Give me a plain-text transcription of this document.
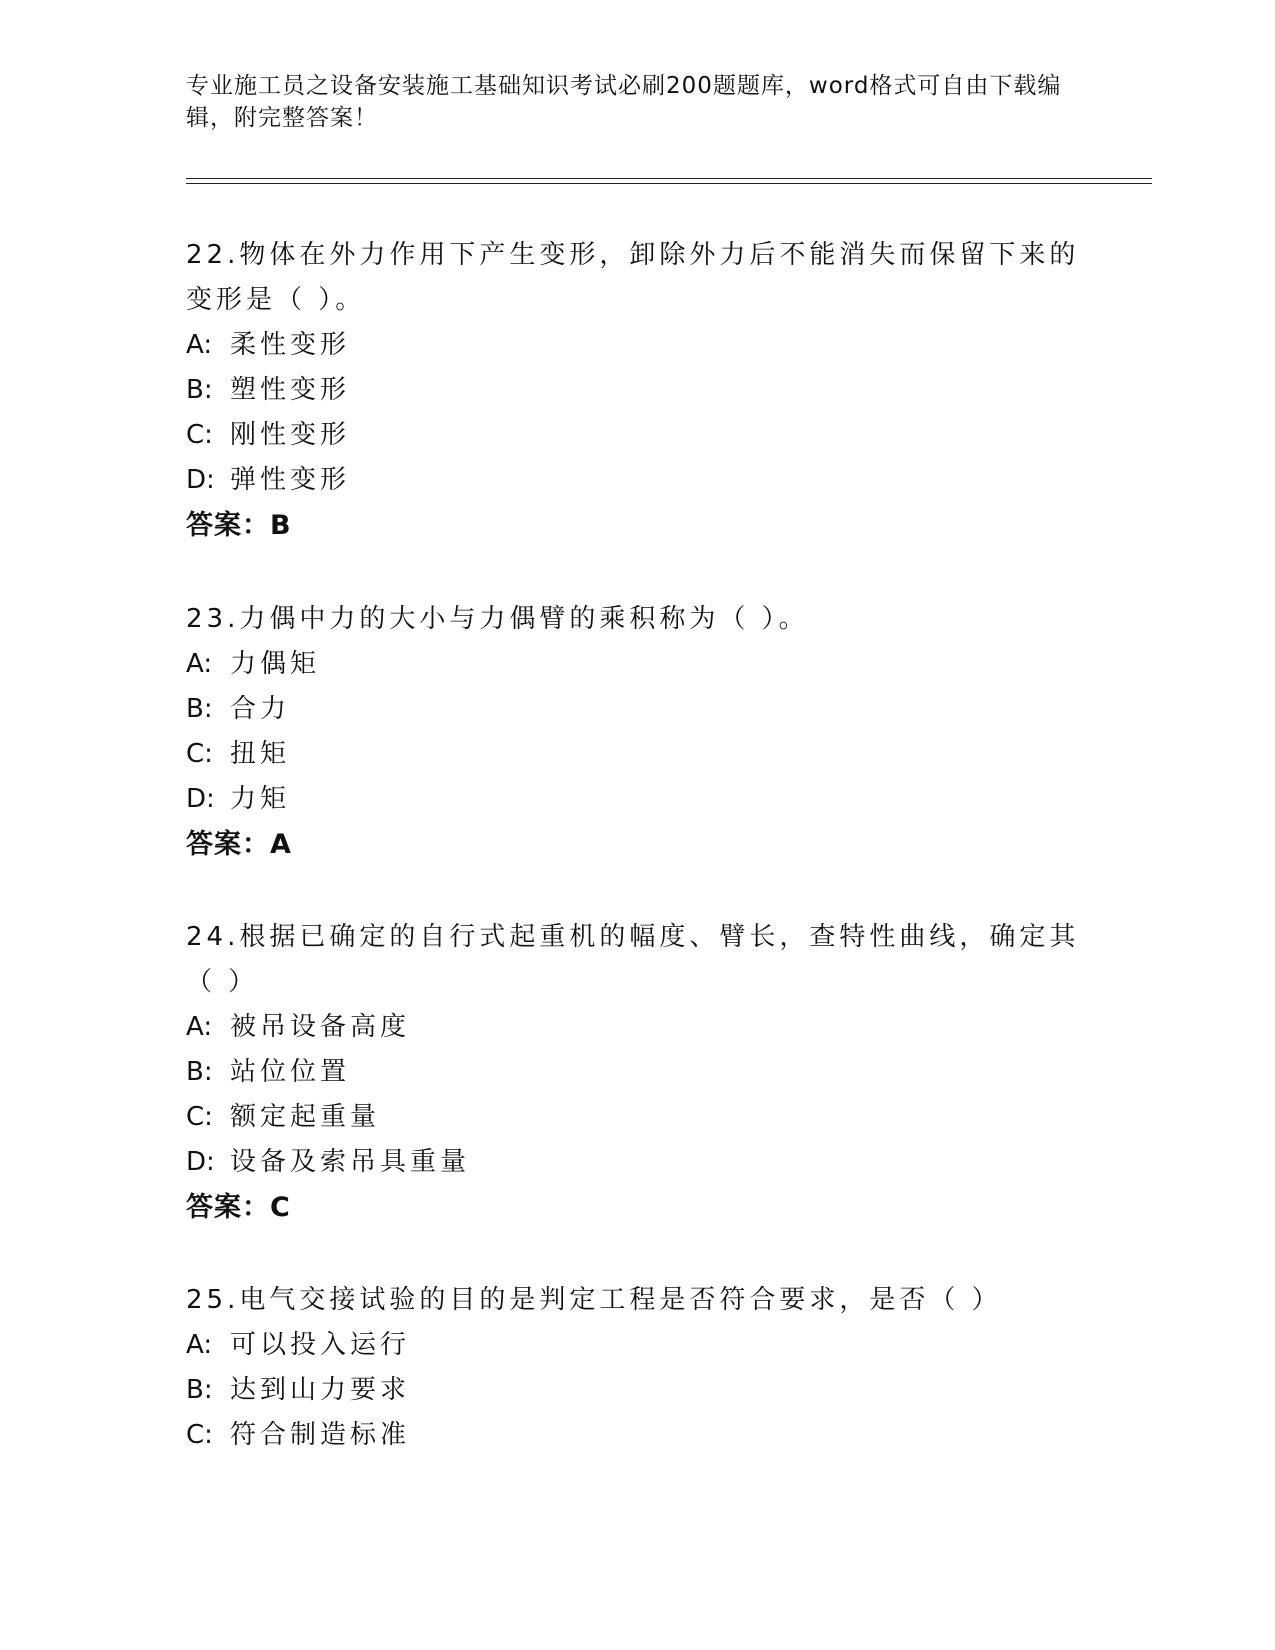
专业施工员之设备安装施工基础知识考试必刷200题题库，word格式可自由下载编辑，附完整答案！
22.物体在外力作用下产生变形，卸除外力后不能消失而保留下来的变形是（ ）。
A: 柔性变形
B: 塑性变形
C: 刚性变形
D: 弹性变形
答案：B
23.力偶中力的大小与力偶臂的乘积称为（ ）。
A: 力偶矩
B: 合力
C: 扭矩
D: 力矩
答案：A
24.根据已确定的自行式起重机的幅度、臂长，查特性曲线，确定其（ ）
A: 被吊设备高度
B: 站位位置
C: 额定起重量
D: 设备及索吊具重量
答案：C
25.电气交接试验的目的是判定工程是否符合要求，是否（ ）
A: 可以投入运行
B: 达到山力要求
C: 符合制造标准
